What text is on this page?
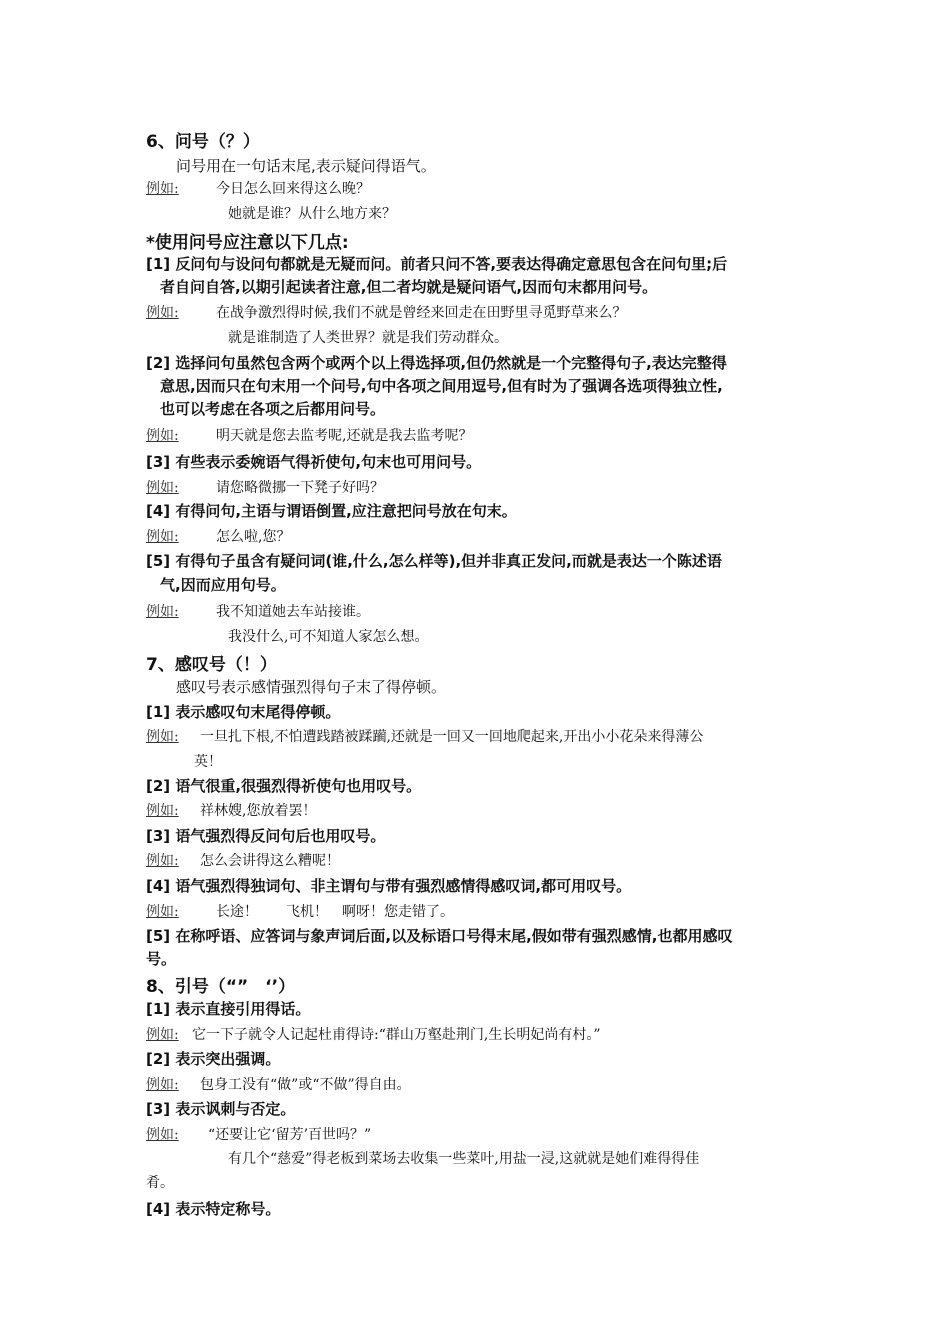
6、问号（？）
问号用在一句话末尾,表示疑问得语气。
例如:	今日怎么回来得这么晚？
她就是谁？从什么地方来？
*使用问号应注意以下几点:
[1] 反问句与设问句都就是无疑而问。前者只问不答,要表达得确定意思包含在问句里;后
者自问自答,以期引起读者注意,但二者均就是疑问语气,因而句末都用问号。
例如:	在战争激烈得时候,我们不就是曾经来回走在田野里寻觅野草来么？
就是谁制造了人类世界？就是我们劳动群众。
[2] 选择问句虽然包含两个或两个以上得选择项,但仍然就是一个完整得句子,表达完整得
意思,因而只在句末用一个问号,句中各项之间用逗号,但有时为了强调各选项得独立性,
也可以考虑在各项之后都用问号。
例如:	明天就是您去监考呢,还就是我去监考呢？
[3] 有些表示委婉语气得祈使句,句末也可用问号。
例如:	请您略微挪一下凳子好吗？
[4] 有得问句,主语与谓语倒置,应注意把问号放在句末。
例如:	怎么啦,您？
[5] 有得句子虽含有疑问词(谁,什么,怎么样等),但并非真正发问,而就是表达一个陈述语
气,因而应用句号。
例如:	我不知道她去车站接谁。
我没什么,可不知道人家怎么想。
7、感叹号（！）
感叹号表示感情强烈得句子末了得停顿。
[1] 表示感叹句末尾得停顿。
例如: 一旦扎下根,不怕遭践踏被蹂躏,还就是一回又一回地爬起来,开出小小花朵来得薄公
英！
[2] 语气很重,很强烈得祈使句也用叹号。
例如: 祥林嫂,您放着罢！
[3] 语气强烈得反问句后也用叹号。
例如: 怎么会讲得这么糟呢！
[4] 语气强烈得独词句、非主谓句与带有强烈感情得感叹词,都可用叹号。
例如:	长途！　　飞机！　啊呀！您走错了。
[5] 在称呼语、应答词与象声词后面,以及标语口号得末尾,假如带有强烈感情,也都用感叹
号。
8、引号（“”　‘’）
[1] 表示直接引用得话。
例如: 它一下子就令人记起杜甫得诗:“群山万壑赴荆门,生长明妃尚有村。”
[2] 表示突出强调。
例如: 包身工没有“做”或“不做”得自由。
[3] 表示讽刺与否定。
例如: “还要让它‘留芳’百世吗？”
有几个“慈爱”得老板到菜场去收集一些菜叶,用盐一浸,这就就是她们难得得佳
肴。
[4] 表示特定称号。
